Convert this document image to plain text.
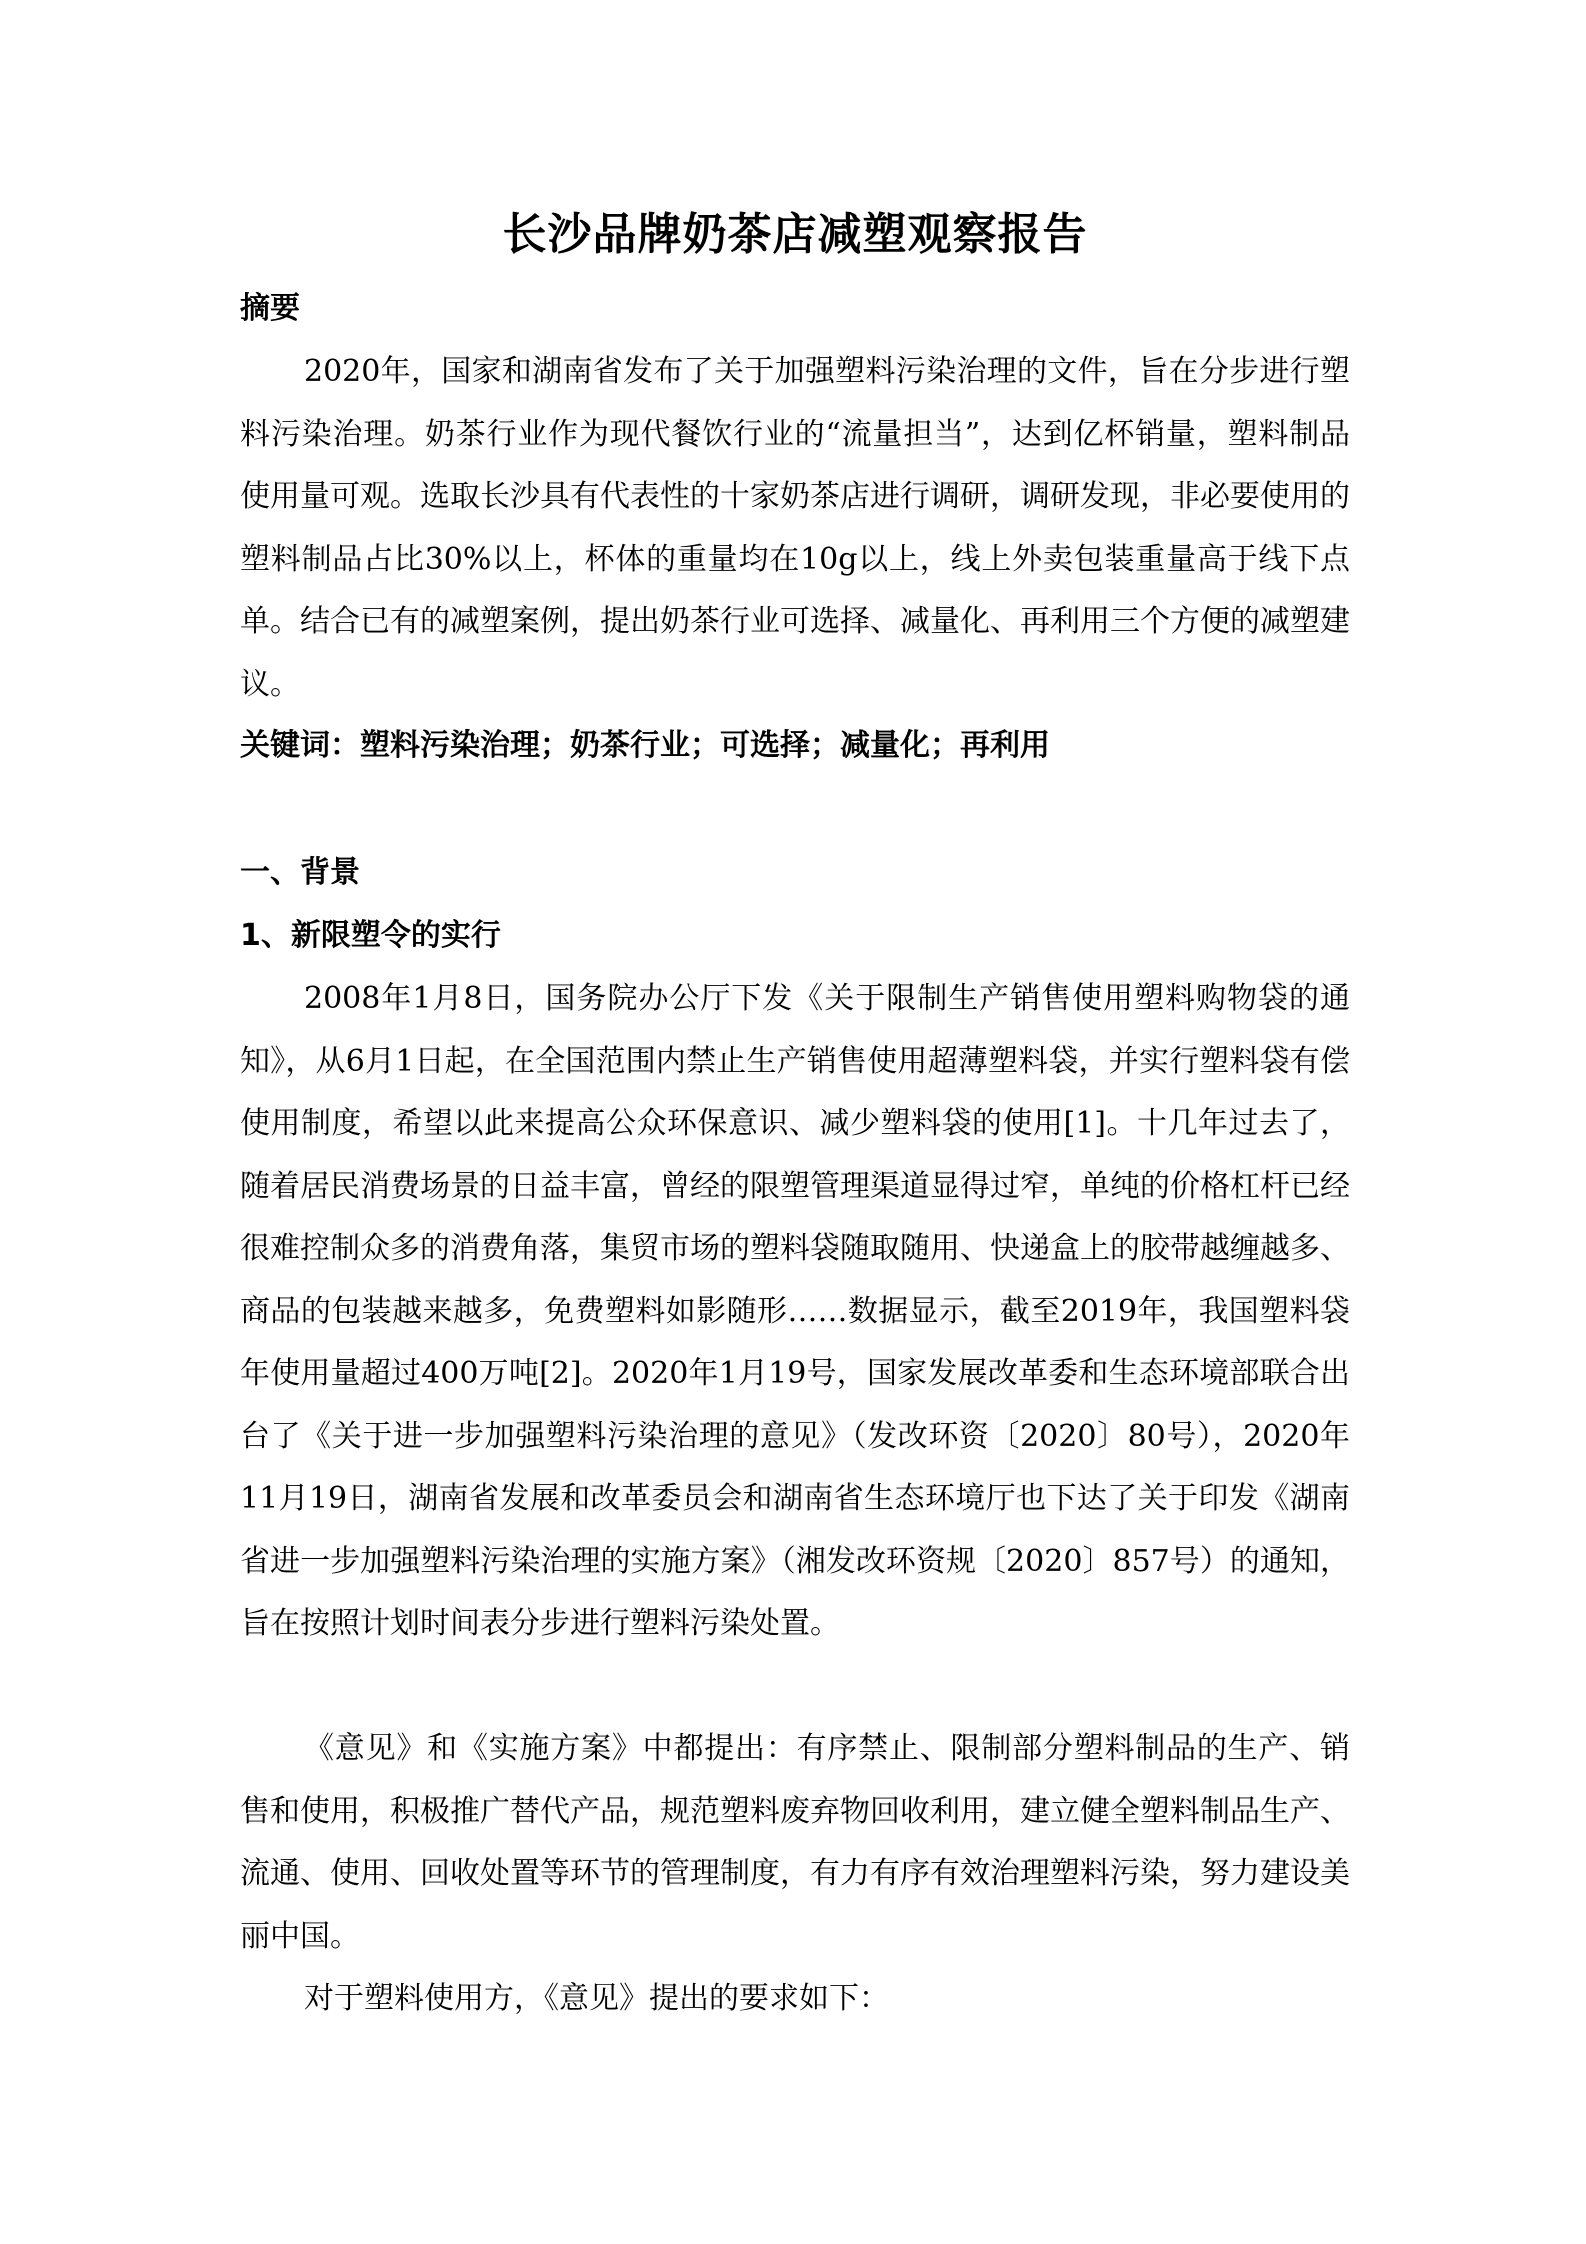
长沙品牌奶茶店减塑观察报告
摘要

2020年，国家和湖南省发布了关于加强塑料污染治理的文件，旨在分步进行塑料污染治理。奶茶行业作为现代餐饮行业的“流量担当”，达到亿杯销量，塑料制品使用量可观。选取长沙具有代表性的十家奶茶店进行调研，调研发现，非必要使用的塑料制品占比30%以上，杯体的重量均在10g以上，线上外卖包装重量高于线下点单。结合已有的减塑案例，提出奶茶行业可选择、减量化、再利用三个方便的减塑建议。

关键词：塑料污染治理；奶茶行业；可选择；减量化；再利用
一、背景
1、新限塑令的实行

2008年1月8日，国务院办公厅下发《关于限制生产销售使用塑料购物袋的通知》，从6月1日起，在全国范围内禁止生产销售使用超薄塑料袋，并实行塑料袋有偿使用制度，希望以此来提高公众环保意识、减少塑料袋的使用[1]。十几年过去了，随着居民消费场景的日益丰富，曾经的限塑管理渠道显得过窄，单纯的价格杠杆已经很难控制众多的消费角落，集贸市场的塑料袋随取随用、快递盒上的胶带越缠越多、商品的包装越来越多，免费塑料如影随形……数据显示，截至2019年，我国塑料袋年使用量超过400万吨[2]。2020年1月19号，国家发展改革委和生态环境部联合出台了《关于进一步加强塑料污染治理的意见》（发改环资〔2020〕80号），2020年11月19日，湖南省发展和改革委员会和湖南省生态环境厅也下达了关于印发《湖南省进一步加强塑料污染治理的实施方案》（湘发改环资规〔2020〕857号）的通知，旨在按照计划时间表分步进行塑料污染处置。

《意见》和《实施方案》中都提出：有序禁止、限制部分塑料制品的生产、销售和使用，积极推广替代产品，规范塑料废弃物回收利用，建立健全塑料制品生产、流通、使用、回收处置等环节的管理制度，有力有序有效治理塑料污染，努力建设美丽中国。

对于塑料使用方，《意见》提出的要求如下：
